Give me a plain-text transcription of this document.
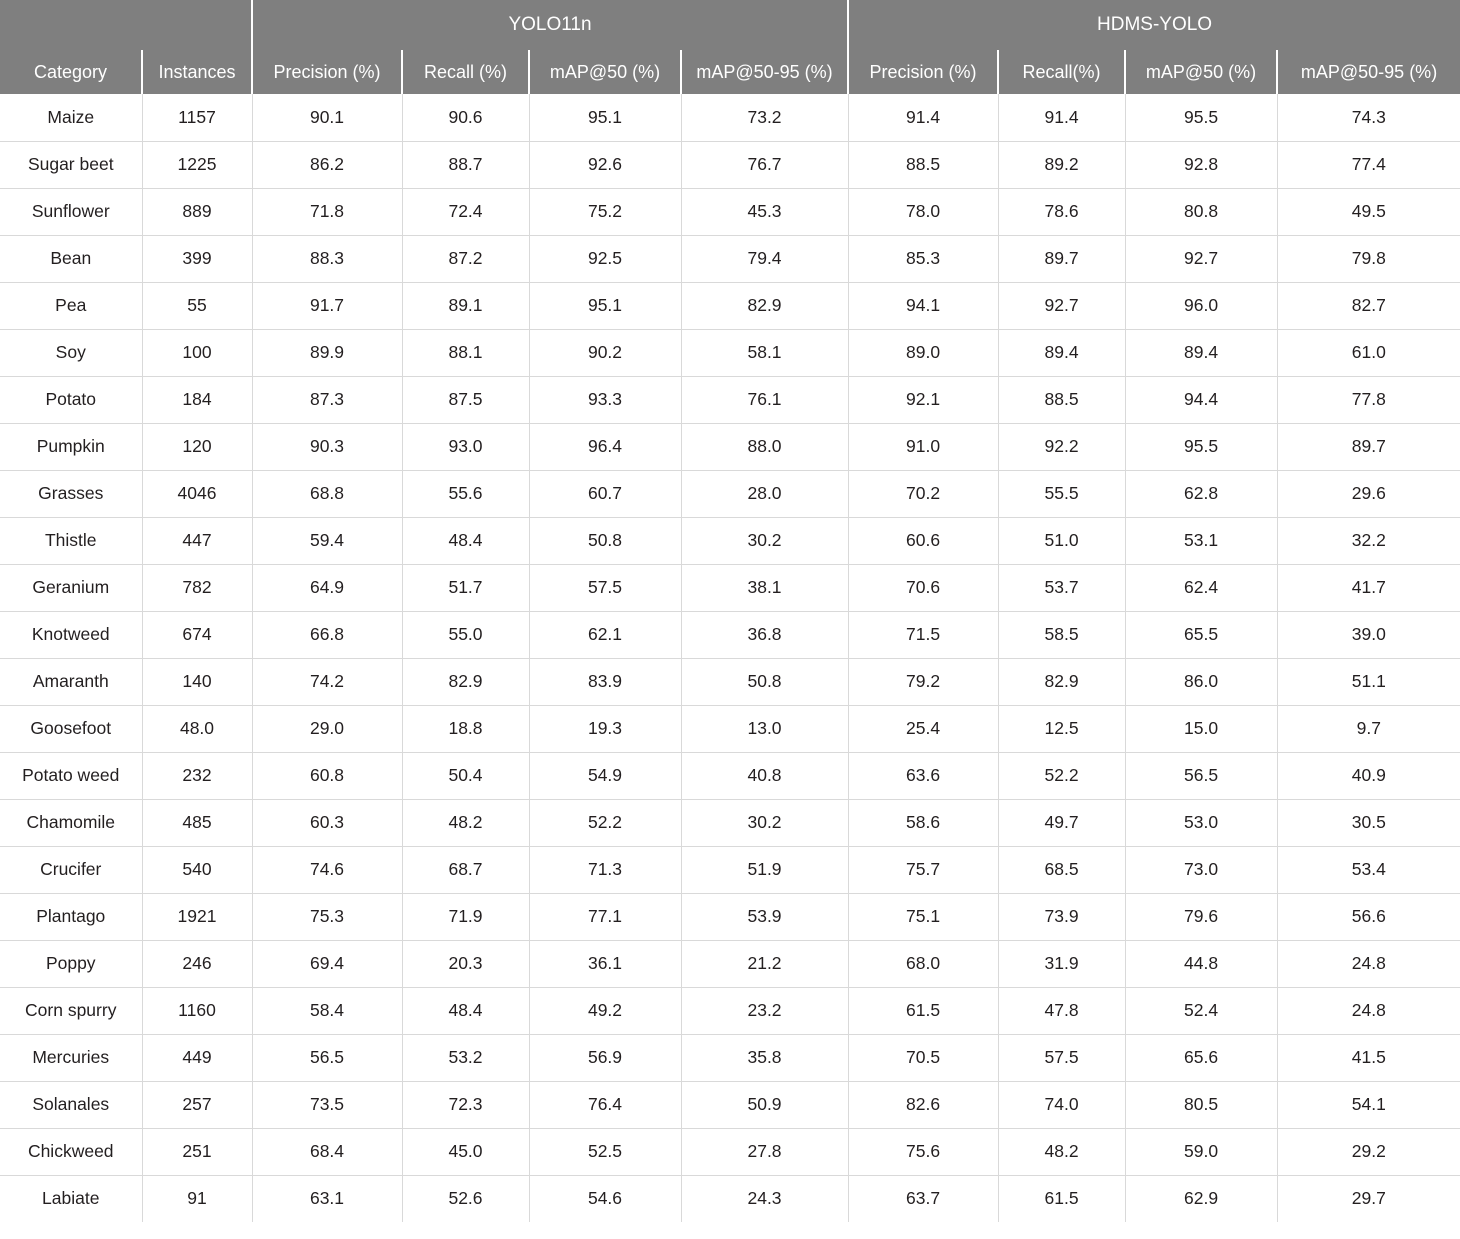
		YOLO11n				HDMS-YOLO			
Category	Instances	Precision (%)	Recall (%)	mAP@50 (%)	mAP@50-95 (%)	Precision (%)	Recall(%)	mAP@50 (%)	mAP@50-95 (%)
Maize	1157	90.1	90.6	95.1	73.2	91.4	91.4	95.5	74.3
Sugar beet	1225	86.2	88.7	92.6	76.7	88.5	89.2	92.8	77.4
Sunflower	889	71.8	72.4	75.2	45.3	78.0	78.6	80.8	49.5
Bean	399	88.3	87.2	92.5	79.4	85.3	89.7	92.7	79.8
Pea	55	91.7	89.1	95.1	82.9	94.1	92.7	96.0	82.7
Soy	100	89.9	88.1	90.2	58.1	89.0	89.4	89.4	61.0
Potato	184	87.3	87.5	93.3	76.1	92.1	88.5	94.4	77.8
Pumpkin	120	90.3	93.0	96.4	88.0	91.0	92.2	95.5	89.7
Grasses	4046	68.8	55.6	60.7	28.0	70.2	55.5	62.8	29.6
Thistle	447	59.4	48.4	50.8	30.2	60.6	51.0	53.1	32.2
Geranium	782	64.9	51.7	57.5	38.1	70.6	53.7	62.4	41.7
Knotweed	674	66.8	55.0	62.1	36.8	71.5	58.5	65.5	39.0
Amaranth	140	74.2	82.9	83.9	50.8	79.2	82.9	86.0	51.1
Goosefoot	48.0	29.0	18.8	19.3	13.0	25.4	12.5	15.0	9.7
Potato weed	232	60.8	50.4	54.9	40.8	63.6	52.2	56.5	40.9
Chamomile	485	60.3	48.2	52.2	30.2	58.6	49.7	53.0	30.5
Crucifer	540	74.6	68.7	71.3	51.9	75.7	68.5	73.0	53.4
Plantago	1921	75.3	71.9	77.1	53.9	75.1	73.9	79.6	56.6
Poppy	246	69.4	20.3	36.1	21.2	68.0	31.9	44.8	24.8
Corn spurry	1160	58.4	48.4	49.2	23.2	61.5	47.8	52.4	24.8
Mercuries	449	56.5	53.2	56.9	35.8	70.5	57.5	65.6	41.5
Solanales	257	73.5	72.3	76.4	50.9	82.6	74.0	80.5	54.1
Chickweed	251	68.4	45.0	52.5	27.8	75.6	48.2	59.0	29.2
Labiate	91	63.1	52.6	54.6	24.3	63.7	61.5	62.9	29.7
